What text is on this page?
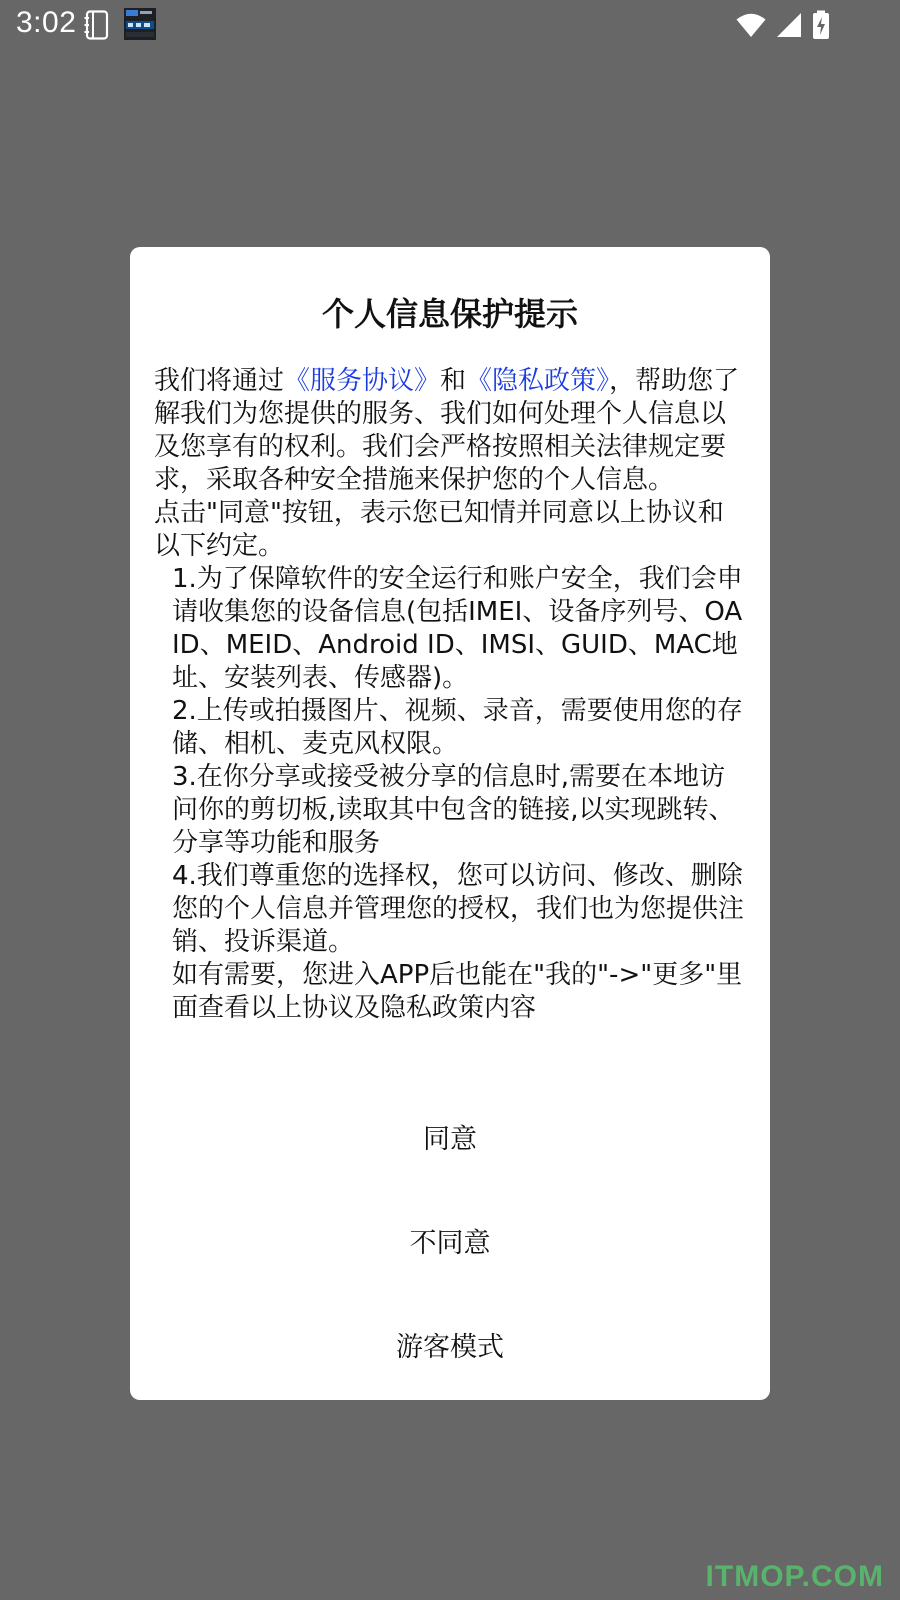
3:02
个人信息保护提示

我们将通过《服务协议》和《隐私政策》，帮助您了解我们为您提供的服务、我们如何处理个人信息以及您享有的权利。我们会严格按照相关法律规定要求，采取各种安全措施来保护您的个人信息。

点击"同意"按钮，表示您已知情并同意以上协议和以下约定。

1.为了保障软件的安全运行和账户安全，我们会申请收集您的设备信息(包括IMEI、设备序列号、OAID、MEID、Android ID、IMSI、GUID、MAC地址、安装列表、传感器)。

2.上传或拍摄图片、视频、录音，需要使用您的存储、相机、麦克风权限。

3.在你分享或接受被分享的信息时,需要在本地访问你的剪切板,读取其中包含的链接,以实现跳转、分享等功能和服务

4.我们尊重您的选择权，您可以访问、修改、删除您的个人信息并管理您的授权，我们也为您提供注销、投诉渠道。

如有需要，您进入APP后也能在"我的"->"更多"里面查看以上协议及隐私政策内容

同意
不同意
游客模式
ITMOP.COM
